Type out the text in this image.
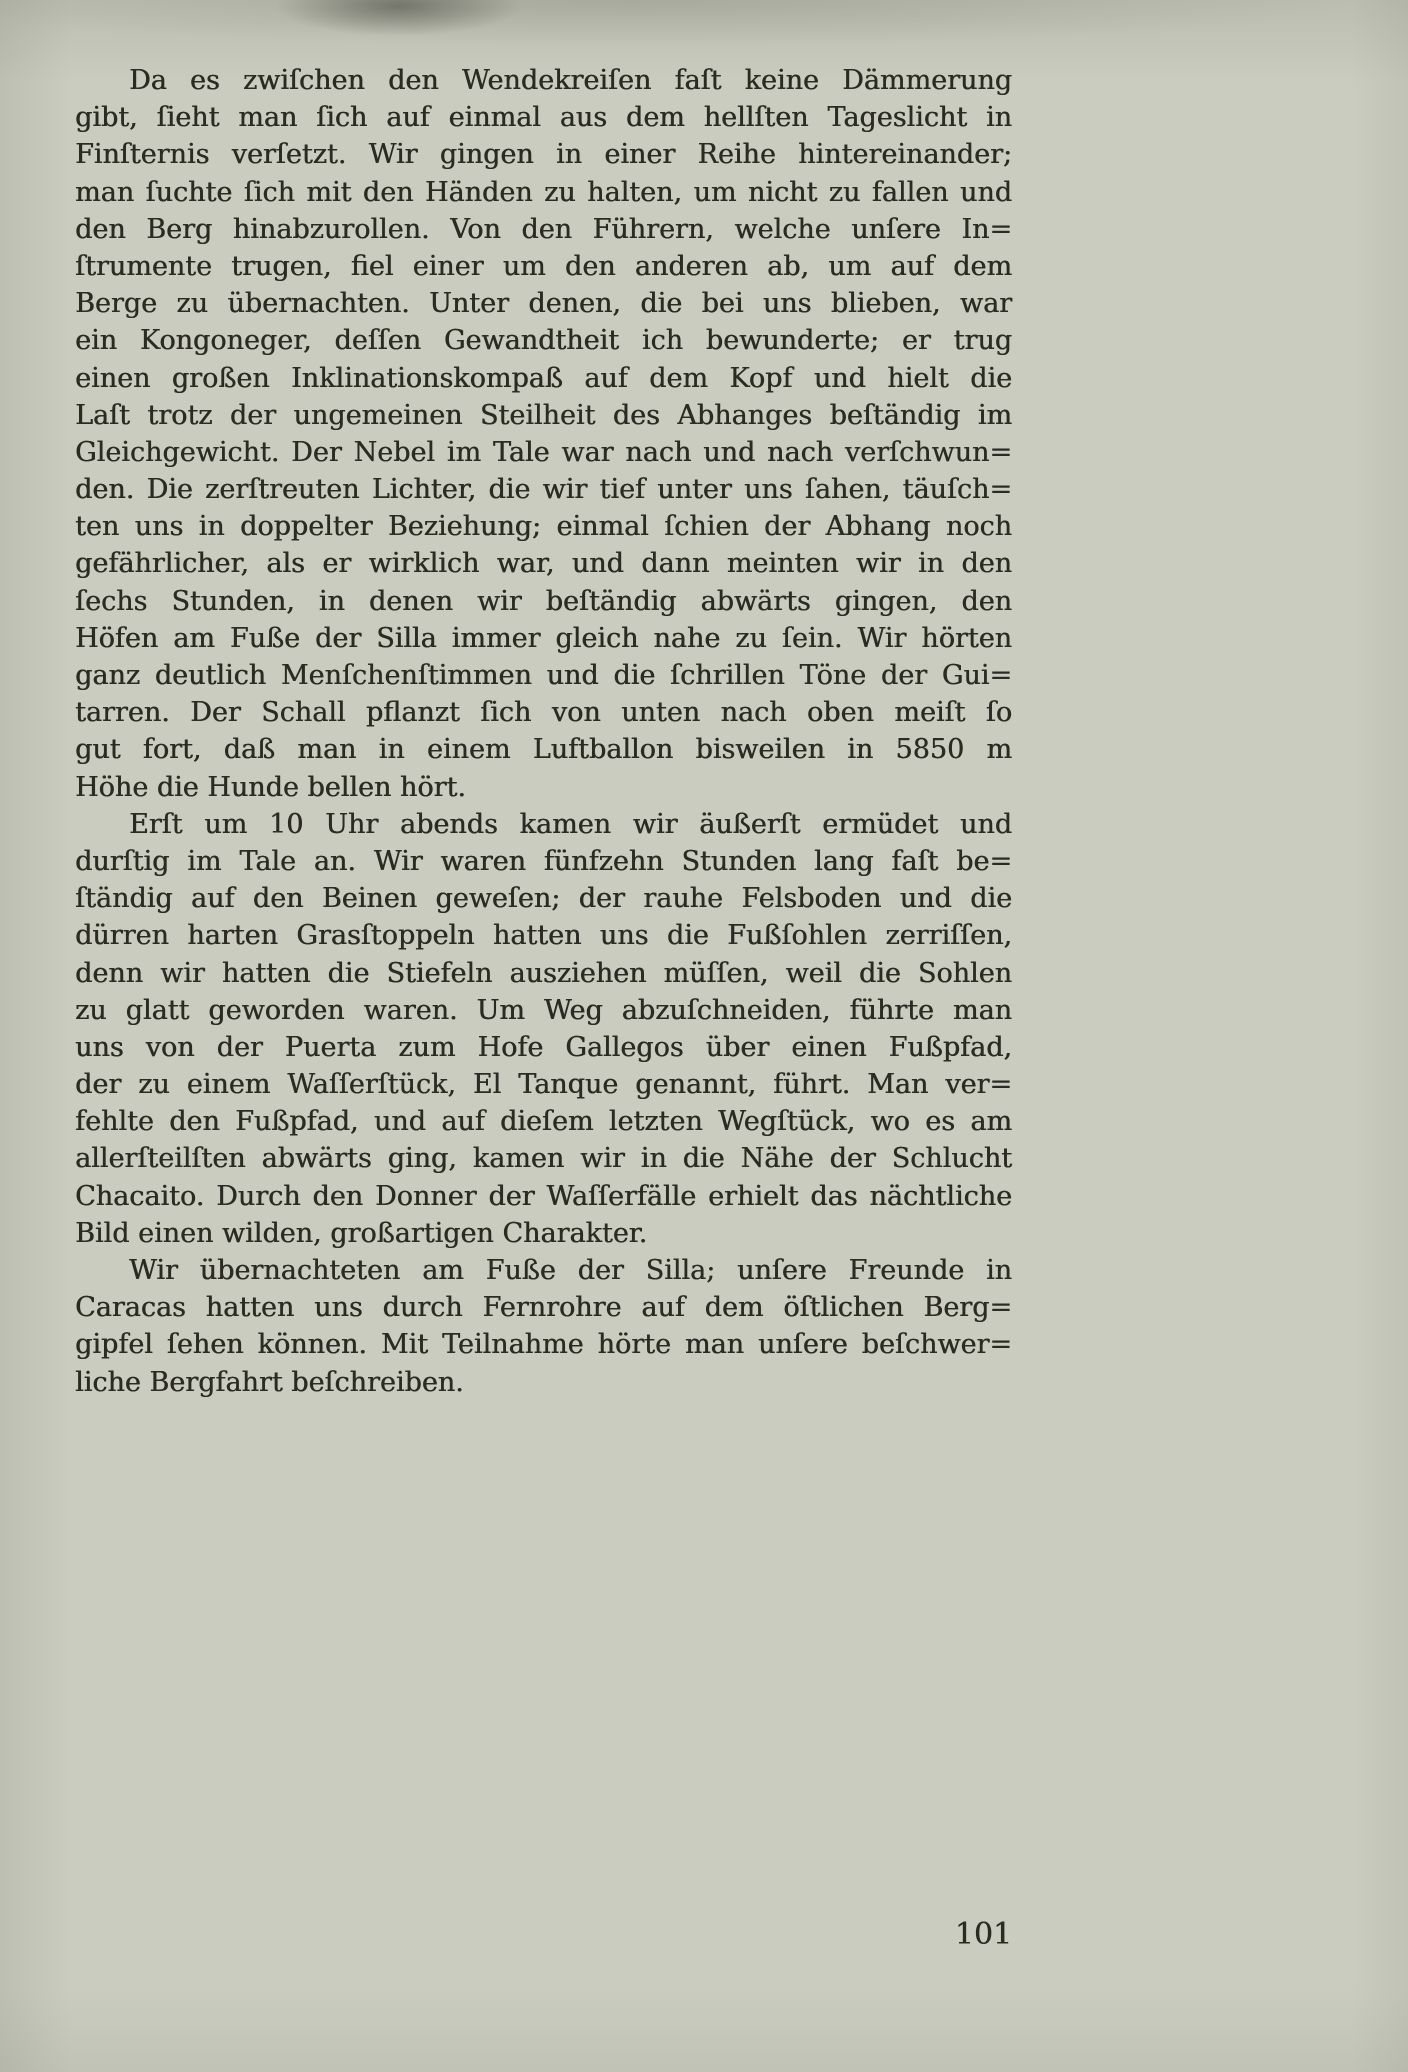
Da es zwiſchen den Wendekreiſen faſt keine Dämmerung
gibt, ſieht man ſich auf einmal aus dem hellſten Tageslicht in
Finſternis verſetzt. Wir gingen in einer Reihe hintereinander;
man ſuchte ſich mit den Händen zu halten, um nicht zu fallen und
den Berg hinabzurollen. Von den Führern, welche unſere In=
ſtrumente trugen, fiel einer um den anderen ab, um auf dem
Berge zu übernachten. Unter denen, die bei uns blieben, war
ein Kongoneger, deſſen Gewandtheit ich bewunderte; er trug
einen großen Inklinationskompaß auf dem Kopf und hielt die
Laſt trotz der ungemeinen Steilheit des Abhanges beſtändig im
Gleichgewicht. Der Nebel im Tale war nach und nach verſchwun=
den. Die zerſtreuten Lichter, die wir tief unter uns ſahen, täuſch=
ten uns in doppelter Beziehung; einmal ſchien der Abhang noch
gefährlicher, als er wirklich war, und dann meinten wir in den
ſechs Stunden, in denen wir beſtändig abwärts gingen, den
Höfen am Fuße der Silla immer gleich nahe zu ſein. Wir hörten
ganz deutlich Menſchenſtimmen und die ſchrillen Töne der Gui=
tarren. Der Schall pflanzt ſich von unten nach oben meiſt ſo
gut fort, daß man in einem Luftballon bisweilen in 5850 m
Höhe die Hunde bellen hört.
Erſt um 10 Uhr abends kamen wir äußerſt ermüdet und
durſtig im Tale an. Wir waren fünfzehn Stunden lang faſt be=
ſtändig auf den Beinen geweſen; der rauhe Felsboden und die
dürren harten Grasſtoppeln hatten uns die Fußſohlen zerriſſen,
denn wir hatten die Stiefeln ausziehen müſſen, weil die Sohlen
zu glatt geworden waren. Um Weg abzuſchneiden, führte man
uns von der Puerta zum Hofe Gallegos über einen Fußpfad,
der zu einem Waſſerſtück, El Tanque genannt, führt. Man ver=
fehlte den Fußpfad, und auf dieſem letzten Wegſtück, wo es am
allerſteilſten abwärts ging, kamen wir in die Nähe der Schlucht
Chacaito. Durch den Donner der Waſſerfälle erhielt das nächtliche
Bild einen wilden, großartigen Charakter.
Wir übernachteten am Fuße der Silla; unſere Freunde in
Caracas hatten uns durch Fernrohre auf dem öſtlichen Berg=
gipfel ſehen können. Mit Teilnahme hörte man unſere beſchwer=
liche Bergfahrt beſchreiben.
101
